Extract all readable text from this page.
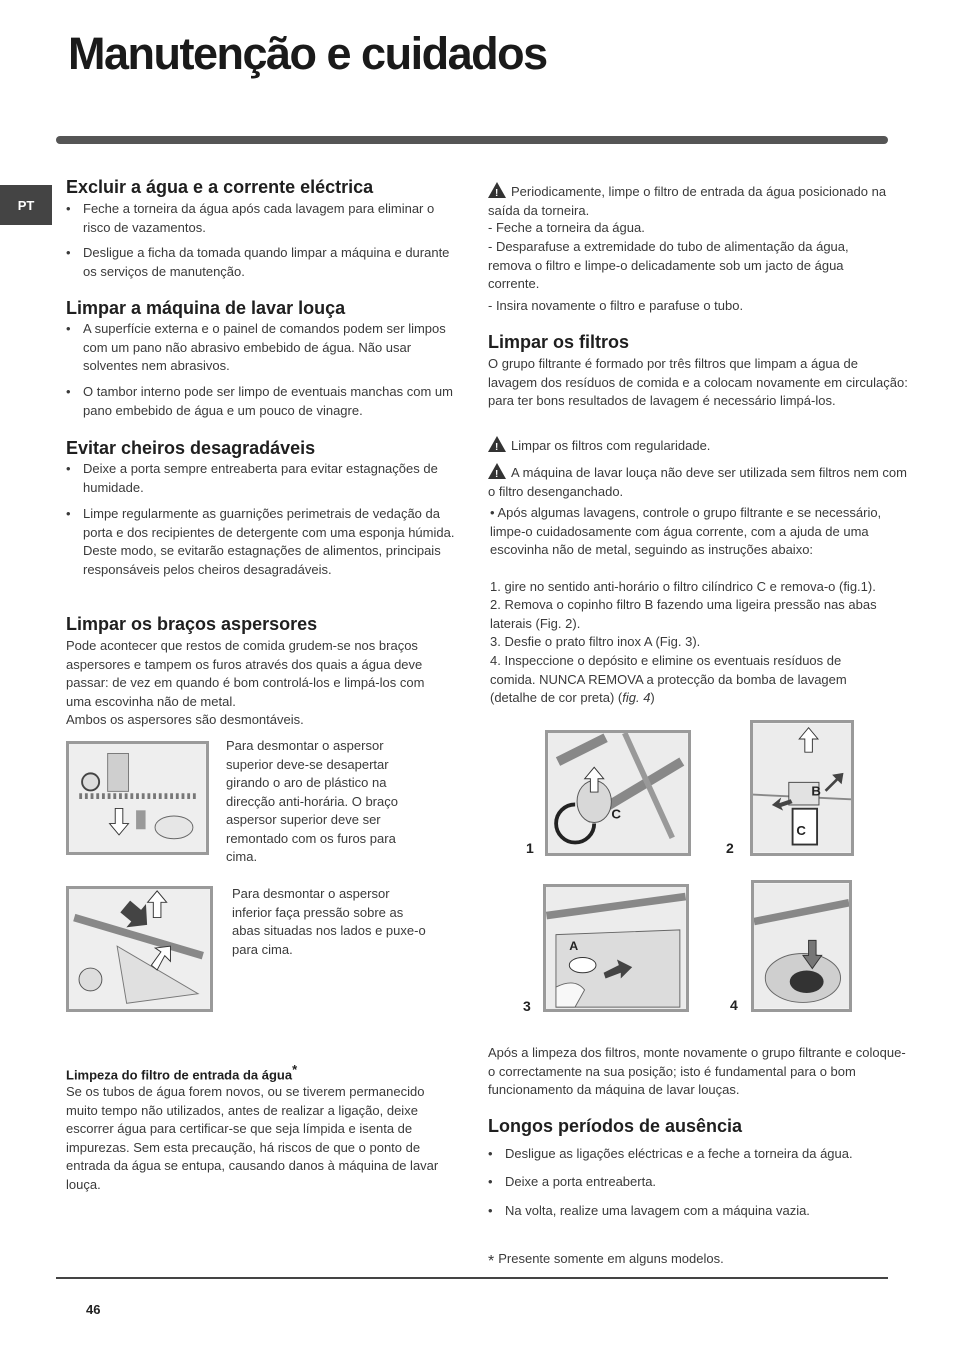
Manutenção e cuidados
PT
Excluir a água e a corrente eléctrica

• Feche a torneira da água após cada lavagem para eliminar o risco de vazamentos.

• Desligue a ficha da tomada quando limpar a máquina e durante os serviços de manutenção.

Limpar a máquina de lavar louça

• A superfície externa e o painel de comandos podem ser limpos com um pano não abrasivo embebido de água. Não usar solventes nem abrasivos.

• O tambor interno pode ser limpo de eventuais manchas com um pano embebido de água e um pouco de vinagre.

Evitar cheiros desagradáveis

• Deixe a porta sempre entreaberta para evitar estagnações de humidade.

• Limpe regularmente as guarnições perimetrais de vedação da porta e dos recipientes de detergente com uma esponja húmida. Deste modo, se evitarão estagnações de alimentos, principais responsáveis pelos cheiros desagradáveis.

Limpar os braços aspersores

Pode acontecer que restos de comida grudem-se nos braços aspersores e tampem os furos através dos quais a água deve passar: de vez em quando é bom controlá-los e limpá-los com uma escovinha não de metal.

Ambos os aspersores são desmontáveis.

Para desmontar o aspersor superior deve-se desapertar girando o aro de plástico na direcção anti-horária. O braço aspersor superior deve ser remontado com os furos para cima.

Para desmontar o aspersor inferior faça pressão sobre as abas situadas nos lados e puxe-o para cima.

Limpeza do filtro de entrada da água*

Se os tubos de água forem novos, ou se tiverem permanecido muito tempo não utilizados, antes de realizar a ligação, deixe escorrer água para certificar-se que seja límpida e isenta de impurezas. Sem esta precaução, há riscos de que o ponto de entrada da água se entupa, causando danos à máquina de lavar louça.

!Periodicamente, limpe o filtro de entrada da água posicionado na saída da torneira.

- Feche a torneira da água.

- Desparafuse a extremidade do tubo de alimentação da água, remova o filtro e limpe-o delicadamente sob um jacto de água corrente.

- Insira novamente o filtro e parafuse o tubo.

Limpar os filtros

O grupo filtrante é formado por três filtros que limpam a água de lavagem dos resíduos de comida e a colocam novamente em circulação: para ter bons resultados de lavagem é necessário limpá-los.

!Limpar os filtros com regularidade.

!A máquina de lavar louça não deve ser utilizada sem filtros nem com o filtro desenganchado.

• Após algumas lavagens, controle o grupo filtrante e se necessário, limpe-o cuidadosamente com água corrente, com a ajuda de uma escovinha não de metal, seguindo as instruções abaixo:

1. gire no sentido anti-horário o filtro cilíndrico C e remova-o (fig.1).

2. Remova o copinho filtro B fazendo uma ligeira pressão nas abas laterais (Fig. 2).

3. Desfie o prato filtro inox A (Fig. 3).

4. Inspeccione o depósito e elimine os eventuais resíduos de comida. NUNCA REMOVA a protecção da bomba de lavagem (detalhe de cor preta) (fig. 4)

C
1
B
C
2
A
3	4

Após a limpeza dos filtros, monte novamente o grupo filtrante e coloque-o correctamente na sua posição; isto é fundamental para o bom funcionamento da máquina de lavar louças.

Longos períodos de ausência

• Desligue as ligações eléctricas e a feche a torneira da água.

• Deixe a porta entreaberta.

• Na volta, realize uma lavagem com a máquina vazia.

* Presente somente em alguns modelos.

46
